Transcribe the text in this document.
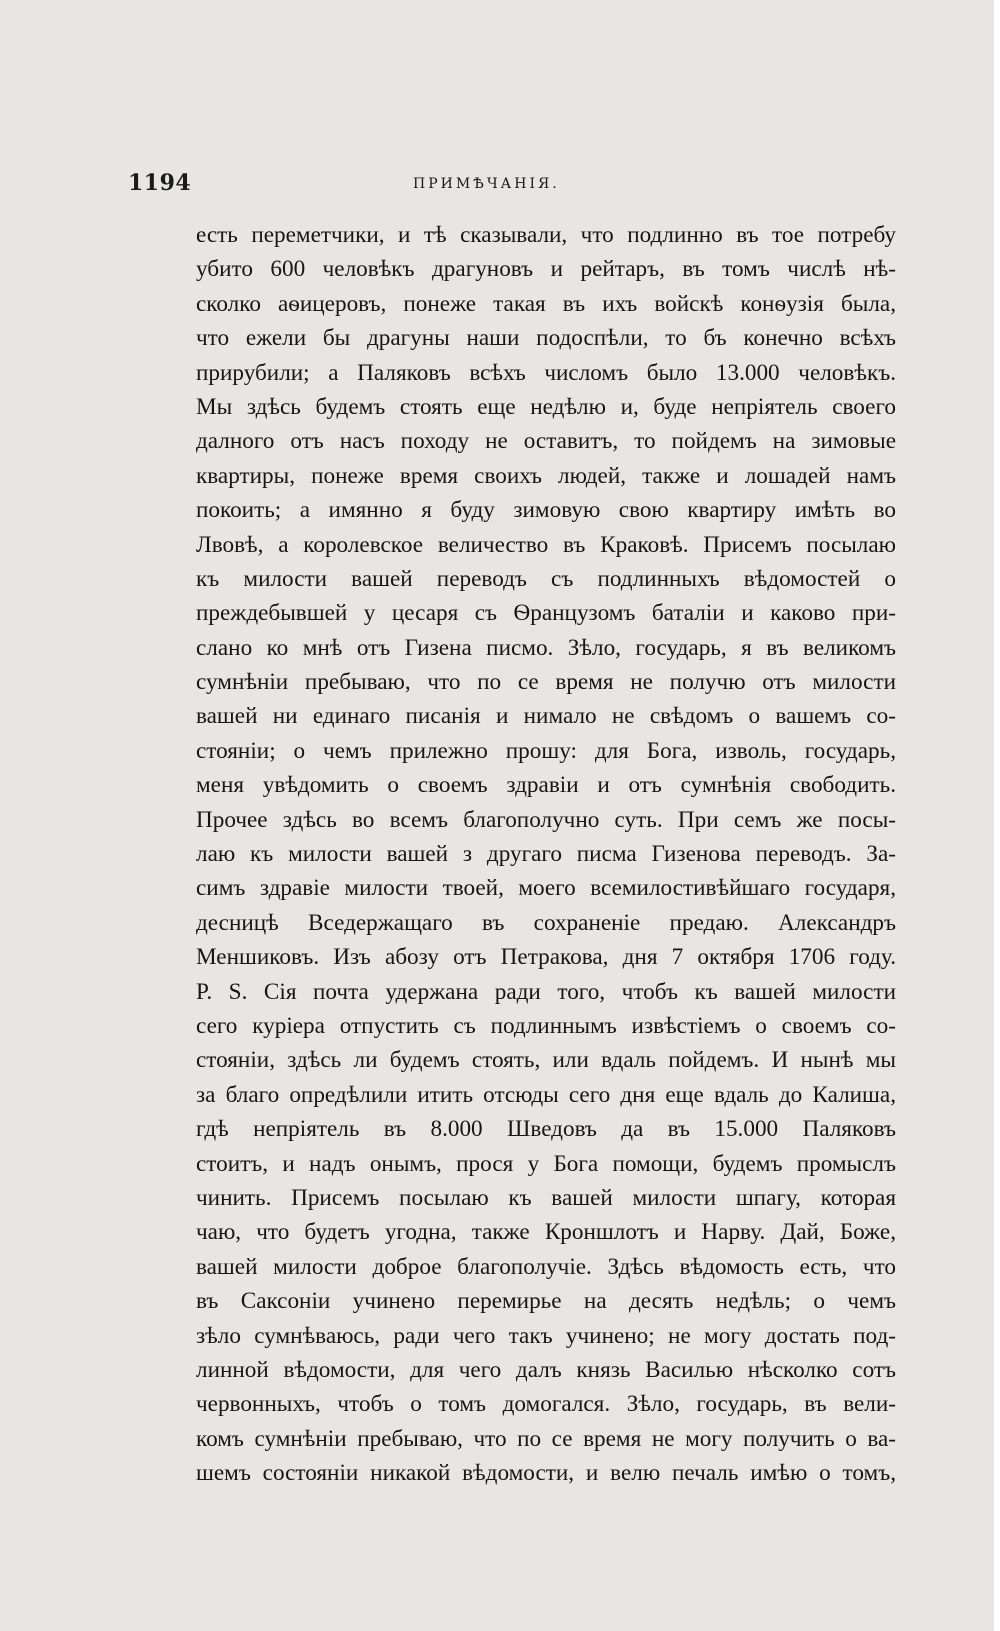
1194	ПРИМѢЧАНІЯ.
есть переметчики, и тѣ сказывали, что подлинно въ тое потребу
убито 600 человѣкъ драгуновъ и рейтаръ, въ томъ числѣ нѣ-
сколко аѳицеровъ, понеже такая въ ихъ войскѣ конѳузія была,
что ежели бы драгуны наши подоспѣли, то бъ конечно всѣхъ
прирубили; а Паляковъ всѣхъ числомъ было 13.000 человѣкъ.
Мы здѣсь будемъ стоять еще недѣлю и, буде непріятель своего
далного отъ насъ походу не оставитъ, то пойдемъ на зимовые
квартиры, понеже время своихъ людей, также и лошадей намъ
покоить; а имянно я буду зимовую свою квартиру имѣть во
Лвовѣ, а королевское величество въ Краковѣ. Присемъ посылаю
къ милости вашей переводъ съ подлинныхъ вѣдомостей о
преждебывшей у цесаря съ Ѳранцузомъ баталіи и каково при-
слано ко мнѣ отъ Гизена писмо. Зѣло, государь, я въ великомъ
сумнѣніи пребываю, что по се время не получю отъ милости
вашей ни единаго писанія и нимало не свѣдомъ о вашемъ со-
стояніи; о чемъ прилежно прошу: для Бога, изволь, государь,
меня увѣдомить о своемъ здравіи и отъ сумнѣнія свободить.
Прочее здѣсь во всемъ благополучно суть. При семъ же посы-
лаю къ милости вашей з другаго писма Гизенова переводъ. За-
симъ здравіе милости твоей, моего всемилостивѣйшаго государя,
десницѣ Вседержащаго въ сохраненіе предаю. Александръ
Меншиковъ. Изъ абозу отъ Петракова, дня 7 октября 1706 году.
P. S. Сія почта удержана ради того, чтобъ къ вашей милости
сего куріера отпустить съ подлиннымъ извѣстіемъ о своемъ со-
стояніи, здѣсь ли будемъ стоять, или вдаль пойдемъ. И нынѣ мы
за благо опредѣлили итить отсюды сего дня еще вдаль до Калиша,
гдѣ непріятель въ 8.000 Шведовъ да въ 15.000 Паляковъ
стоитъ, и надъ онымъ, прося у Бога помощи, будемъ промыслъ
чинить. Присемъ посылаю къ вашей милости шпагу, которая
чаю, что будетъ угодна, также Кроншлотъ и Нарву. Дай, Боже,
вашей милости доброе благополучіе. Здѣсь вѣдомость есть, что
въ Саксоніи учинено перемирье на десять недѣль; о чемъ
зѣло сумнѣваюсь, ради чего такъ учинено; не могу достать под-
линной вѣдомости, для чего далъ князь Василью нѣсколко сотъ
червонныхъ, чтобъ о томъ домогался. Зѣло, государь, въ вели-
комъ сумнѣніи пребываю, что по се время не могу получить о ва-
шемъ состояніи никакой вѣдомости, и велю печаль имѣю о томъ,
